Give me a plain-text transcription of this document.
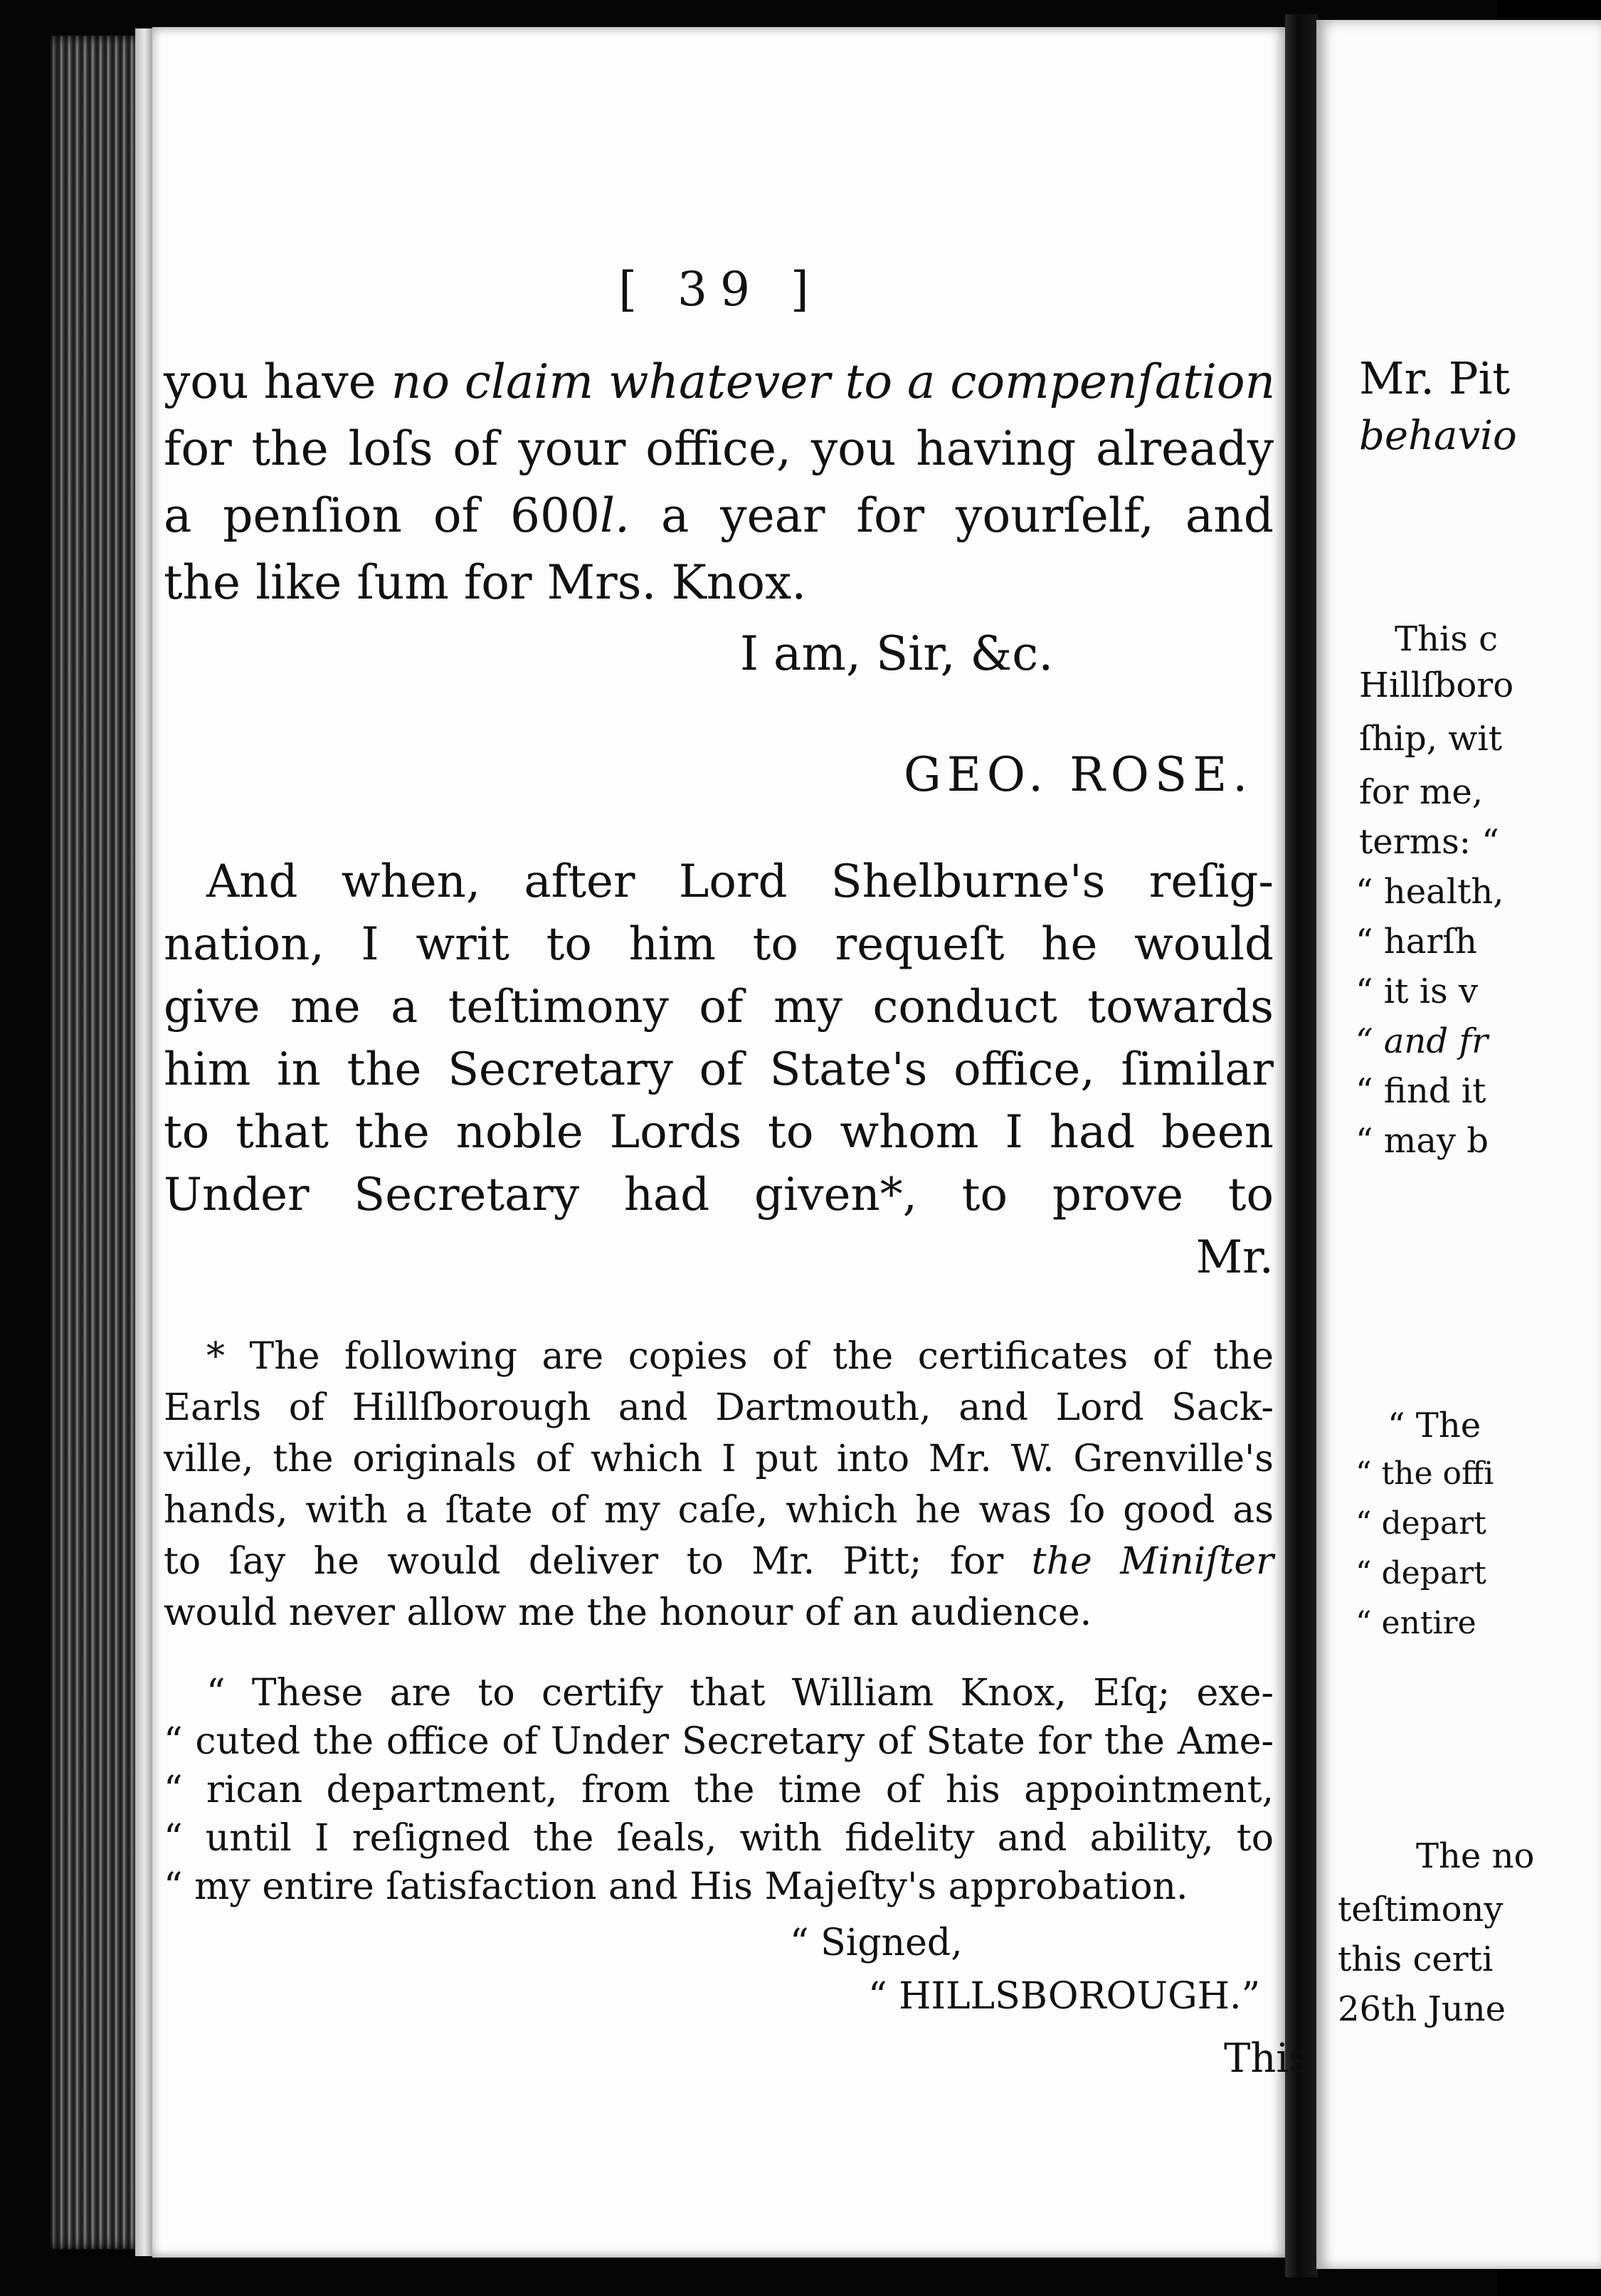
[ 39 ]
you have no claim whatever to a compenſation
for the loſs of your office, you having already
a penſion of 600l. a year for yourſelf, and
the like ſum for Mrs. Knox.
I am, Sir, &c.
GEO. ROSE.
And when, after Lord Shelburne's reſig-
nation, I writ to him to requeſt he would
give me a teſtimony of my conduct towards
him in the Secretary of State's office, ſimilar
to that the noble Lords to whom I had been
Under Secretary had given*, to prove to
Mr.
* The following are copies of the certificates of the
Earls of Hillſborough and Dartmouth, and Lord Sack-
ville, the originals of which I put into Mr. W. Grenville's
hands, with a ſtate of my caſe, which he was ſo good as
to ſay he would deliver to Mr. Pitt; for the Miniſter
would never allow me the honour of an audience.
“ These are to certify that William Knox, Eſq; exe-
“ cuted the office of Under Secretary of State for the Ame-
“ rican department, from the time of his appointment,
“ until I reſigned the ſeals, with fidelity and ability, to
“ my entire ſatisfaction and His Majeſty's approbation.
“ Signed,
“ HILLSBOROUGH.”
This
Mr. Pit
behavio
This c
Hillſboro
ſhip, wit
for me,
terms: “
“ health,
“ harſh
“ it is v
“ and fr
“ find it
“ may b
“ The
“ the offi
“ depart
“ depart
“ entire
The no
teſtimony
this certi
26th June
